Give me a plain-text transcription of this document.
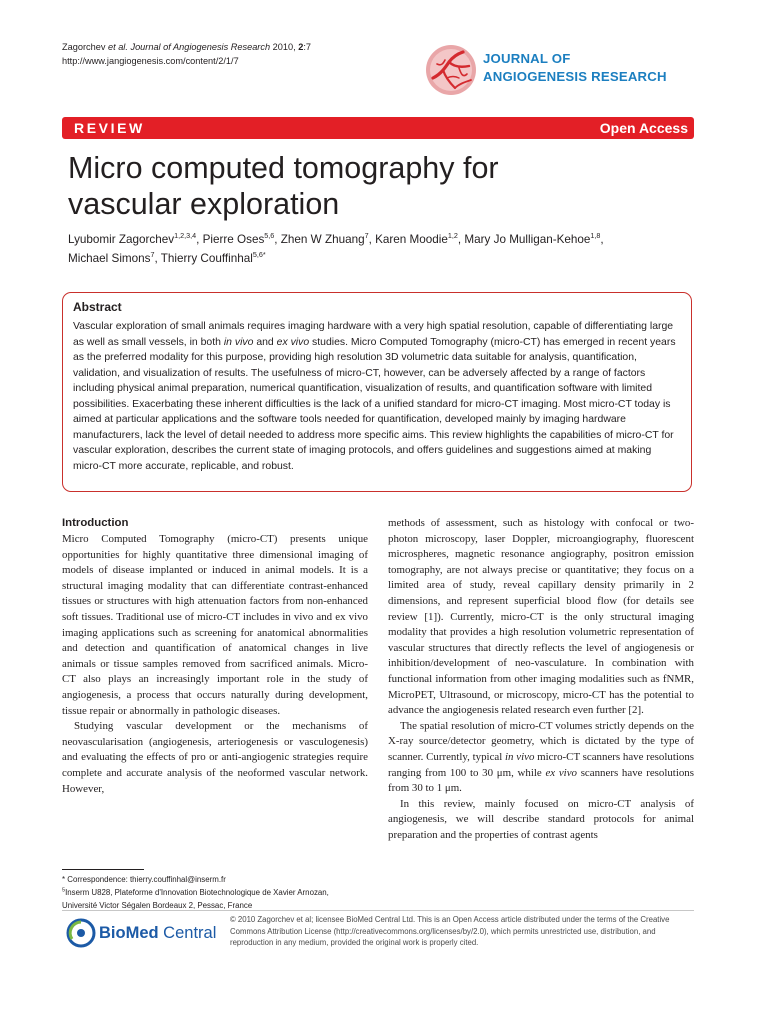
Zagorchev et al. Journal of Angiogenesis Research 2010, 2:7
http://www.jangiogenesis.com/content/2/1/7	JOURNAL OF
ANGIOGENESIS RESEARCH
REVIEW	Open Access
Micro computed tomography for
vascular exploration
Lyubomir Zagorchev$^{1,2,3,4}$, Pierre Oses$^{5,6}$, Zhen W Zhuang$^7$, Karen Moodie$^{1,2}$, Mary Jo Mulligan-Kehoe$^{1,8}$,
Michael Simons$^7$, Thierry Couffinhal$^{5,6*}$
Abstract

Vascular exploration of small animals requires imaging hardware with a very high spatial resolution, capable of differentiating large as well as small vessels, in both in vivo and ex vivo studies. Micro Computed Tomography (micro-CT) has emerged in recent years as the preferred modality for this purpose, providing high resolution 3D volumetric data suitable for analysis, quantification, validation, and visualization of results. The usefulness of micro-CT, however, can be adversely affected by a range of factors including physical animal preparation, numerical quantification, visualization of results, and quantification software with limited possibilities. Exacerbating these inherent difficulties is the lack of a unified standard for micro-CT imaging. Most micro-CT today is aimed at particular applications and the software tools needed for quantification, developed mainly by imaging hardware manufacturers, lack the level of detail needed to address more specific aims. This review highlights the capabilities of micro-CT for vascular exploration, describes the current state of imaging protocols, and offers guidelines and suggestions aimed at making micro-CT more accurate, replicable, and robust.

Introduction

Micro Computed Tomography (micro-CT) presents unique opportunities for highly quantitative three dimensional imaging of models of disease implanted or induced in animal models. It is a structural imaging modality that can differentiate contrast-enhanced tissues or structures with high attenuation factors from non-enhanced soft tissues. Traditional use of micro-CT includes in vivo and ex vivo imaging applications such as screening for anatomical abnormalities and detection and quantification of anatomical changes in live animals or tissue samples removed from sacrificed animals. Micro-CT also plays an increasingly important role in the study of angiogenesis, a process that occurs naturally during development, tissue repair or abnormally in pathologic diseases.

Studying vascular development or the mechanisms of neovascularisation (angiogenesis, arteriogenesis or vasculogenesis) and evaluating the effects of pro or anti-angiogenic strategies require complete and accurate analysis of the neoformed vascular network. However,

methods of assessment, such as histology with confocal or two-photon microscopy, laser Doppler, microangiography, fluorescent microspheres, magnetic resonance angiography, positron emission tomography, are not always precise or quantitative; they focus on a limited area of study, reveal capillary density primarily in 2 dimensions, and represent superficial blood flow (for details see review [1]). Currently, micro-CT is the only structural imaging modality that provides a high resolution volumetric representation of vascular structures that directly reflects the level of angiogenesis or inhibition/development of neo-vasculature. In combination with functional information from other imaging modalities such as fNMR, MicroPET, Ultrasound, or microscopy, micro-CT has the potential to advance the angiogenesis related research even further [2].

The spatial resolution of micro-CT volumes strictly depends on the X-ray source/detector geometry, which is dictated by the type of scanner. Currently, typical in vivo micro-CT scanners have resolutions ranging from 100 to 30 μm, while ex vivo scanners have resolutions from 30 to 1 μm.

In this review, mainly focused on micro-CT analysis of angiogenesis, we will describe standard protocols for animal preparation and the properties of contrast agents

* Correspondence: thierry.couffinhal@inserm.fr
$^5$Inserm U828, Plateforme d'Innovation Biotechnologique de Xavier Arnozan, Université Victor Ségalen Bordeaux 2, Pessac, France
BioMed Central
© 2010 Zagorchev et al; licensee BioMed Central Ltd. This is an Open Access article distributed under the terms of the Creative Commons Attribution License (http://creativecommons.org/licenses/by/2.0), which permits unrestricted use, distribution, and reproduction in any medium, provided the original work is properly cited.
